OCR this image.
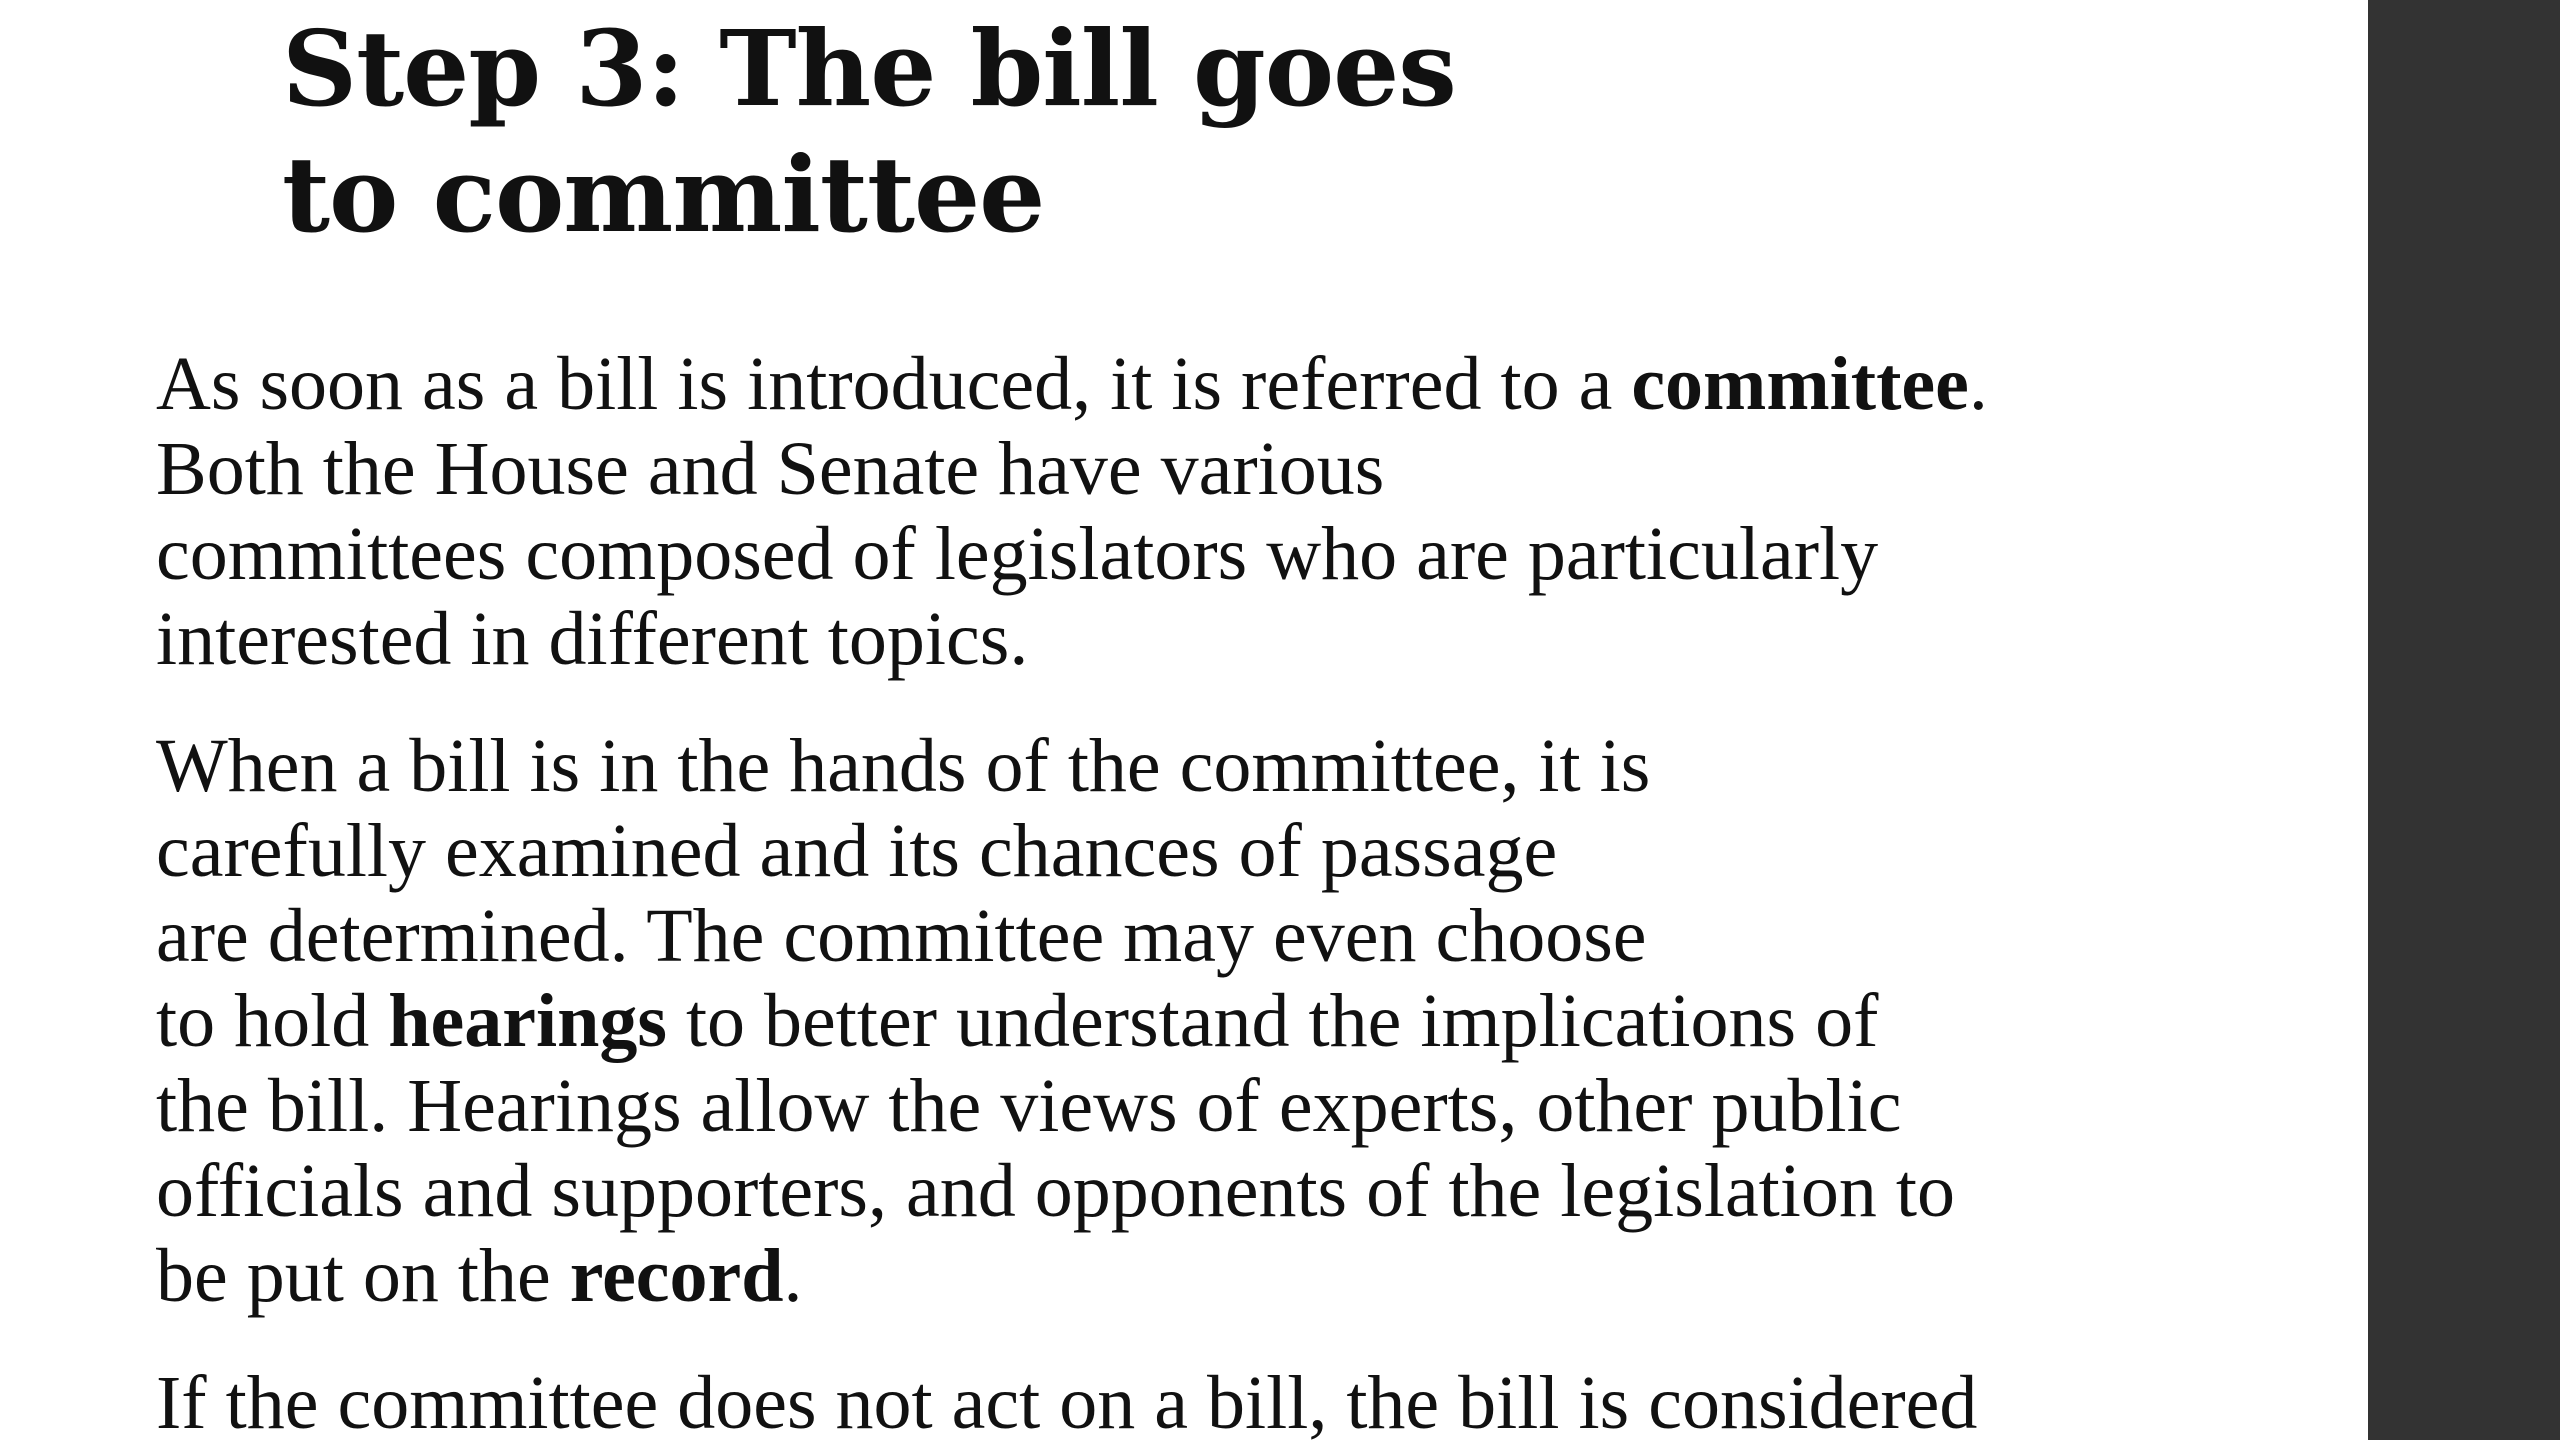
Step 3: The bill goes
to committee

As soon as a bill is introduced, it is referred to a committee.
Both the House and Senate have various
committees composed of legislators who are particularly
interested in different topics.

When a bill is in the hands of the committee, it is
carefully examined and its chances of passage
are determined. The committee may even choose
to hold hearings to better understand the implications of
the bill. Hearings allow the views of experts, other public
officials and supporters, and opponents of the legislation to
be put on the record.

If the committee does not act on a bill, the bill is considered
